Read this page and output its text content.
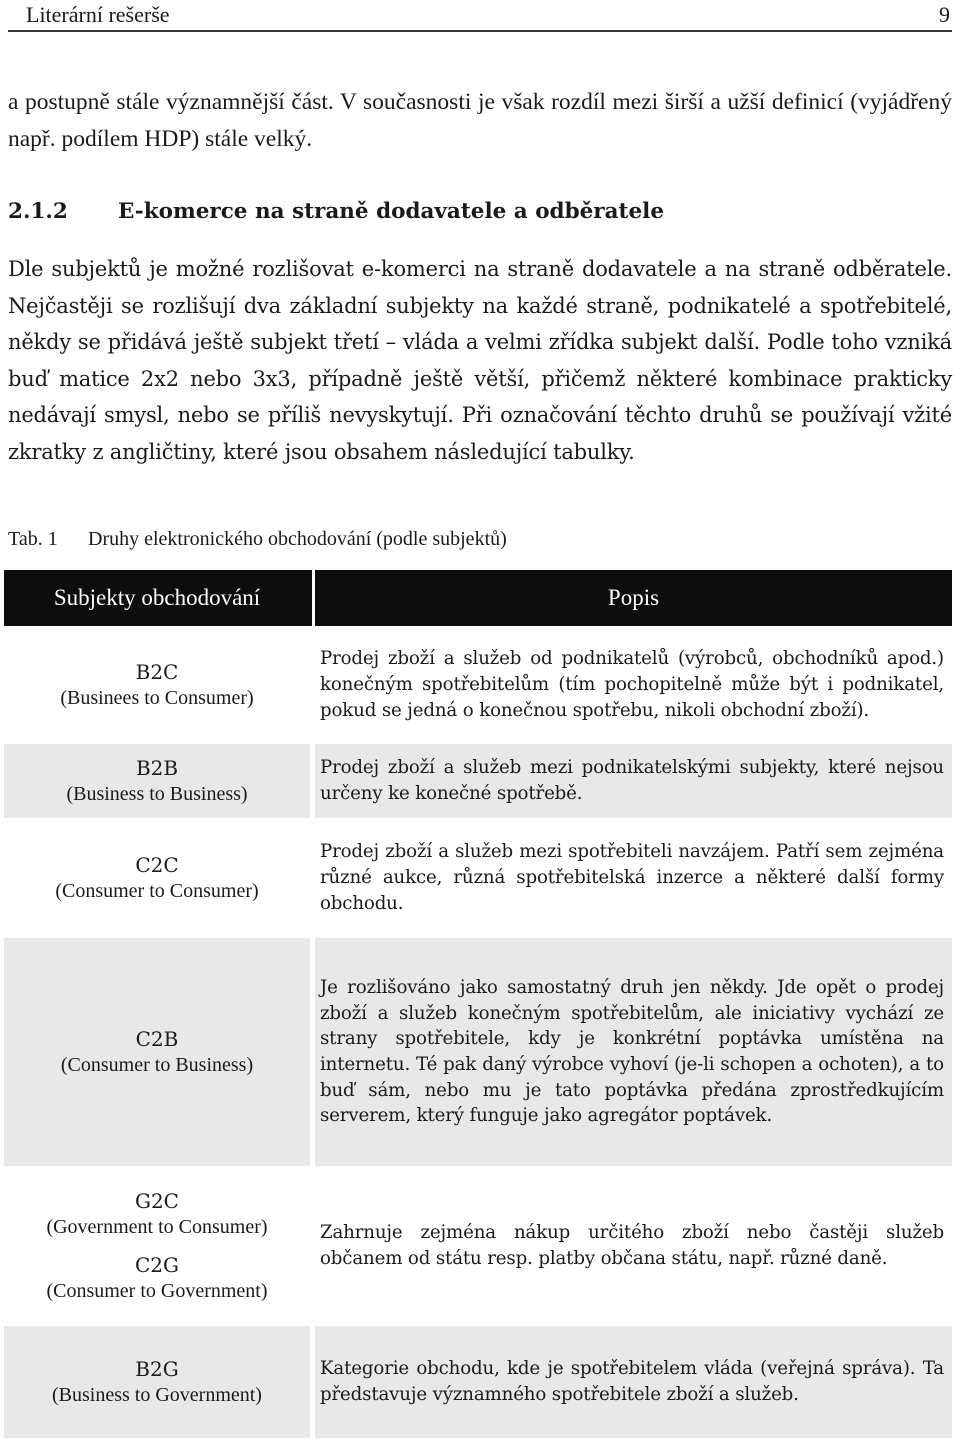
Literární rešerše	9
a postupně stále významnější část. V současnosti je však rozdíl mezi širší a užší definicí (vyjádřený např. podílem HDP) stále velký.
2.1.2 E-komerce na straně dodavatele a odběratele
Dle subjektů je možné rozlišovat e-komerci na straně dodavatele a na straně odběratele. Nejčastěji se rozlišují dva základní subjekty na každé straně, podnikatelé a spotřebitelé, někdy se přidává ještě subjekt třetí – vláda a velmi zřídka subjekt další. Podle toho vzniká buď matice 2x2 nebo 3x3, případně ještě větší, přičemž některé kombinace prakticky nedávají smysl, nebo se příliš nevyskytují. Při označování těchto druhů se používají vžité zkratky z angličtiny, které jsou obsahem následující tabulky.
Tab. 1 Druhy elektronického obchodování (podle subjektů)
Subjekty obchodování	Popis
B2C
(Businees to Consumer)
Prodej zboží a služeb od podnikatelů (výrobců, obchodníků apod.) konečným spotřebitelům (tím pochopitelně může být i podnikatel, pokud se jedná o konečnou spotřebu, nikoli obchodní zboží).
B2B
(Business to Business)
Prodej zboží a služeb mezi podnikatelskými subjekty, které nejsou určeny ke konečné spotřebě.
C2C
(Consumer to Consumer)
Prodej zboží a služeb mezi spotřebiteli navzájem. Patří sem zejména různé aukce, různá spotřebitelská inzerce a některé další formy obchodu.
C2B
(Consumer to Business)
Je rozlišováno jako samostatný druh jen někdy. Jde opět o prodej zboží a služeb konečným spotřebitelům, ale iniciativy vychází ze strany spotřebitele, kdy je konkrétní poptávka umístěna na internetu. Té pak daný výrobce vyhoví (je-li schopen a ochoten), a to buď sám, nebo mu je tato poptávka předána zprostředkujícím serverem, který funguje jako agregátor poptávek.
G2C
(Government to Consumer)
C2G
(Consumer to Government)
Zahrnuje zejména nákup určitého zboží nebo častěji služeb občanem od státu resp. platby občana státu, např. různé daně.
B2G
(Business to Government)
Kategorie obchodu, kde je spotřebitelem vláda (veřejná správa). Ta představuje významného spotřebitele zboží a služeb.
